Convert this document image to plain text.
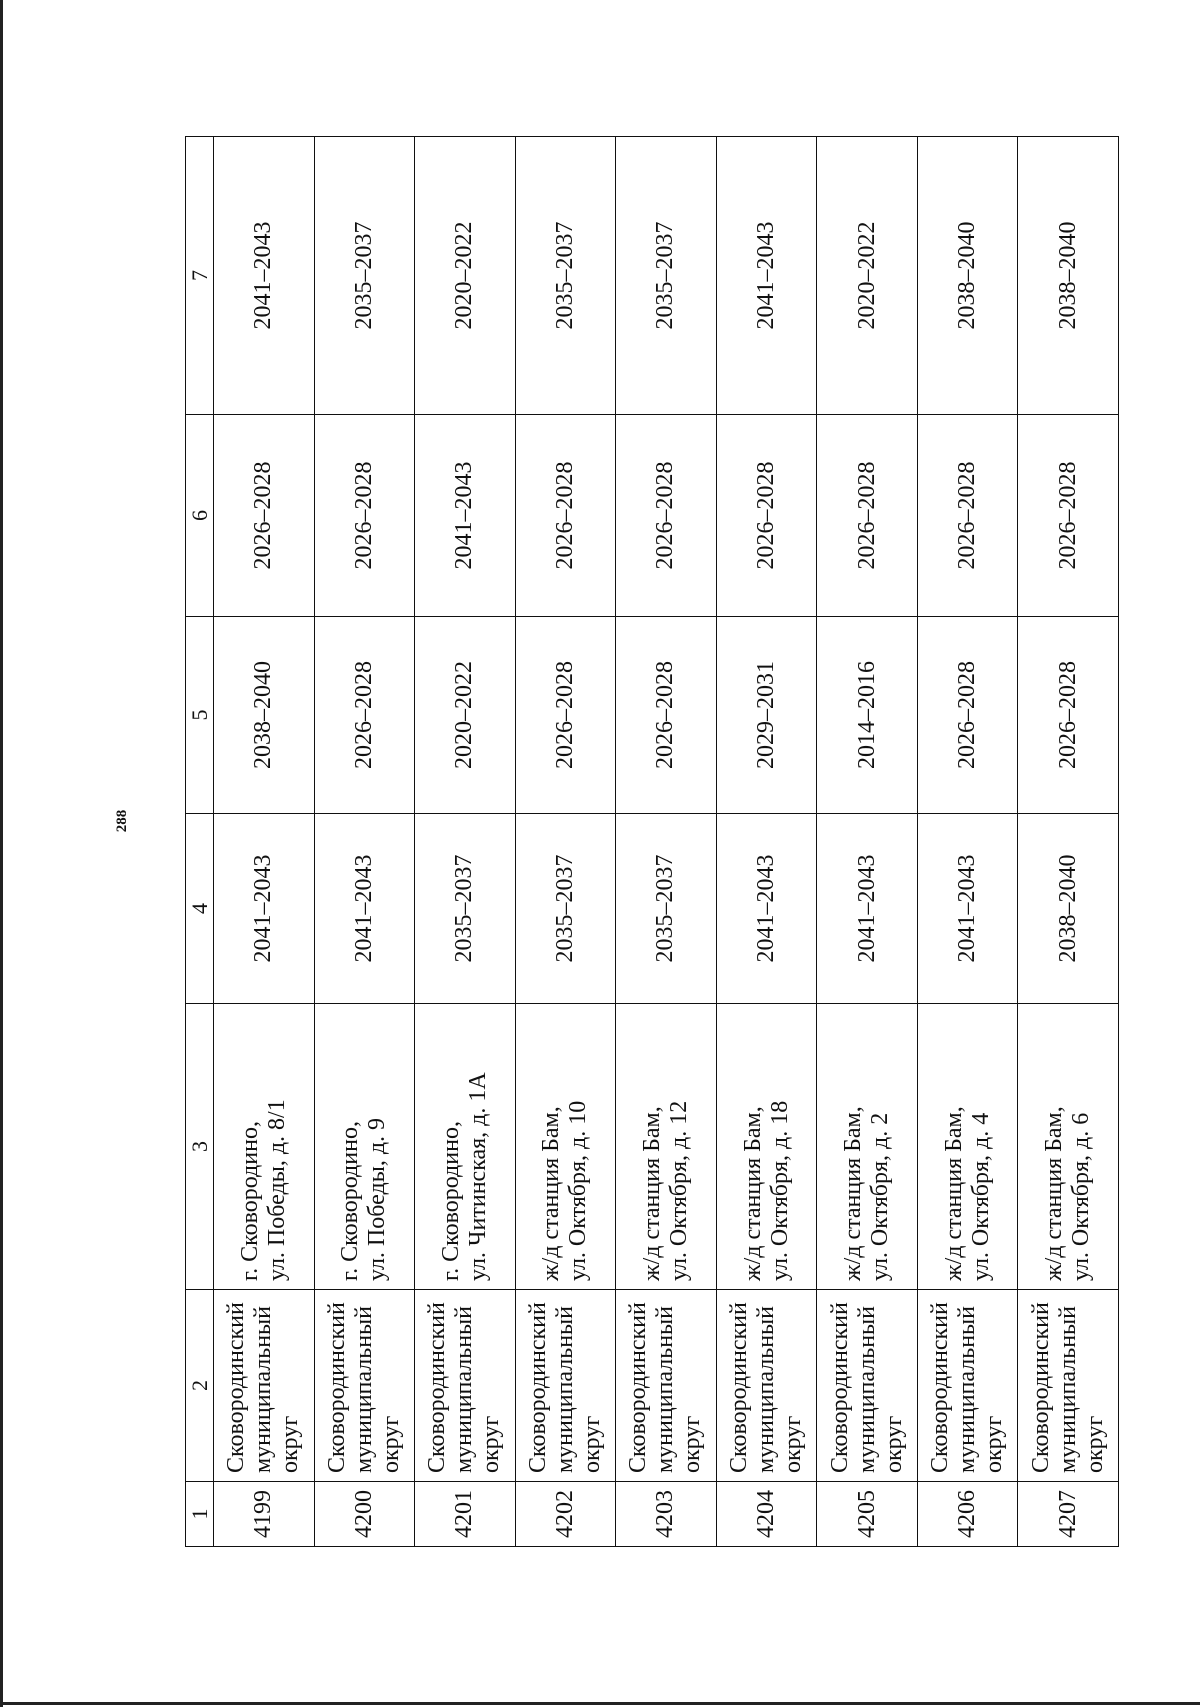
288
1	2	3	4	5	6	7
4199	Сковородинский муниципальный округ	г. Сковородино, ул. Победы, д. 8/1	2041–2043	2038–2040	2026–2028	2041–2043
4200	Сковородинский муниципальный округ	г. Сковородино, ул. Победы, д. 9	2041–2043	2026–2028	2026–2028	2035–2037
4201	Сковородинский муниципальный округ	г. Сковородино, ул. Читинская, д. 1А	2035–2037	2020–2022	2041–2043	2020–2022
4202	Сковородинский муниципальный округ	ж/д станция Бам, ул. Октября, д. 10	2035–2037	2026–2028	2026–2028	2035–2037
4203	Сковородинский муниципальный округ	ж/д станция Бам, ул. Октября, д. 12	2035–2037	2026–2028	2026–2028	2035–2037
4204	Сковородинский муниципальный округ	ж/д станция Бам, ул. Октября, д. 18	2041–2043	2029–2031	2026–2028	2041–2043
4205	Сковородинский муниципальный округ	ж/д станция Бам, ул. Октября, д. 2	2041–2043	2014–2016	2026–2028	2020–2022
4206	Сковородинский муниципальный округ	ж/д станция Бам, ул. Октября, д. 4	2041–2043	2026–2028	2026–2028	2038–2040
4207	Сковородинский муниципальный округ	ж/д станция Бам, ул. Октября, д. 6	2038–2040	2026–2028	2026–2028	2038–2040
